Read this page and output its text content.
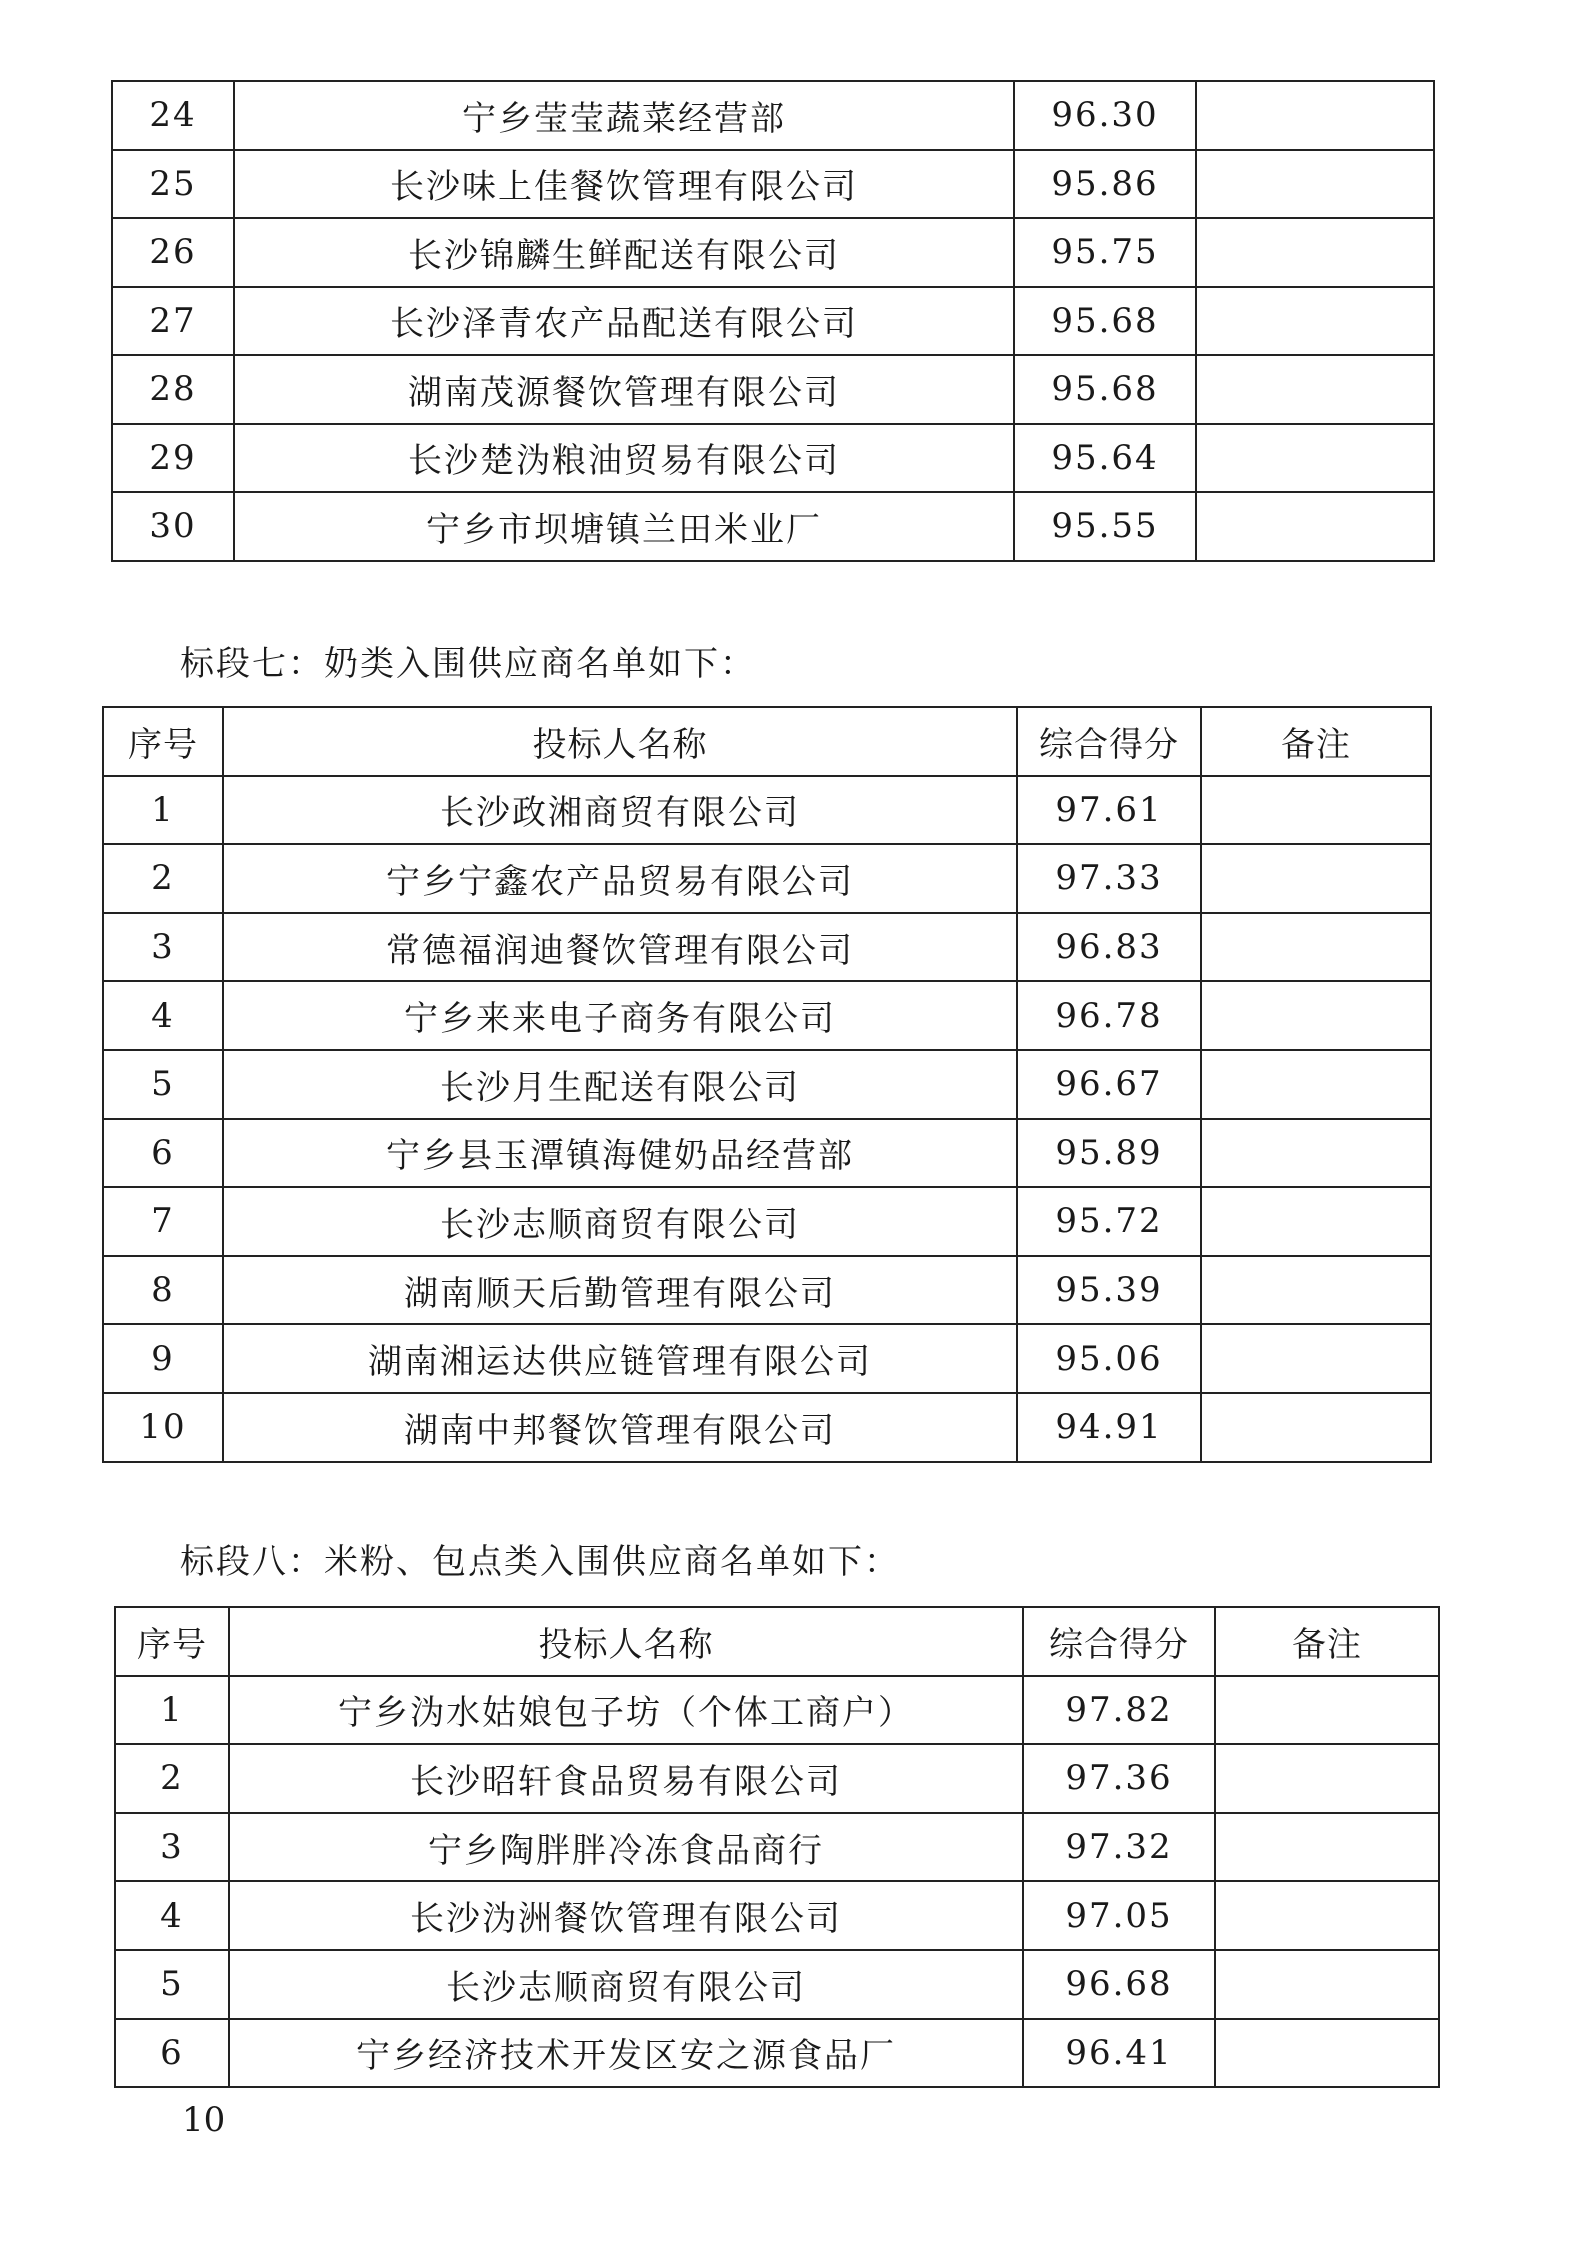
24	宁乡莹莹蔬菜经营部	96.30	
25	长沙味上佳餐饮管理有限公司	95.86	
26	长沙锦麟生鲜配送有限公司	95.75	
27	长沙泽青农产品配送有限公司	95.68	
28	湖南茂源餐饮管理有限公司	95.68	
29	长沙楚沩粮油贸易有限公司	95.64	
30	宁乡市坝塘镇兰田米业厂	95.55	
标段七：奶类入围供应商名单如下：
序号	投标人名称	综合得分	备注
1	长沙政湘商贸有限公司	97.61	
2	宁乡宁鑫农产品贸易有限公司	97.33	
3	常德福润迪餐饮管理有限公司	96.83	
4	宁乡来来电子商务有限公司	96.78	
5	长沙月生配送有限公司	96.67	
6	宁乡县玉潭镇海健奶品经营部	95.89	
7	长沙志顺商贸有限公司	95.72	
8	湖南顺天后勤管理有限公司	95.39	
9	湖南湘运达供应链管理有限公司	95.06	
10	湖南中邦餐饮管理有限公司	94.91	
标段八：米粉、包点类入围供应商名单如下：
序号	投标人名称	综合得分	备注
1	宁乡沩水姑娘包子坊（个体工商户）	97.82	
2	长沙昭轩食品贸易有限公司	97.36	
3	宁乡陶胖胖冷冻食品商行	97.32	
4	长沙沩洲餐饮管理有限公司	97.05	
5	长沙志顺商贸有限公司	96.68	
6	宁乡经济技术开发区安之源食品厂	96.41	
10
